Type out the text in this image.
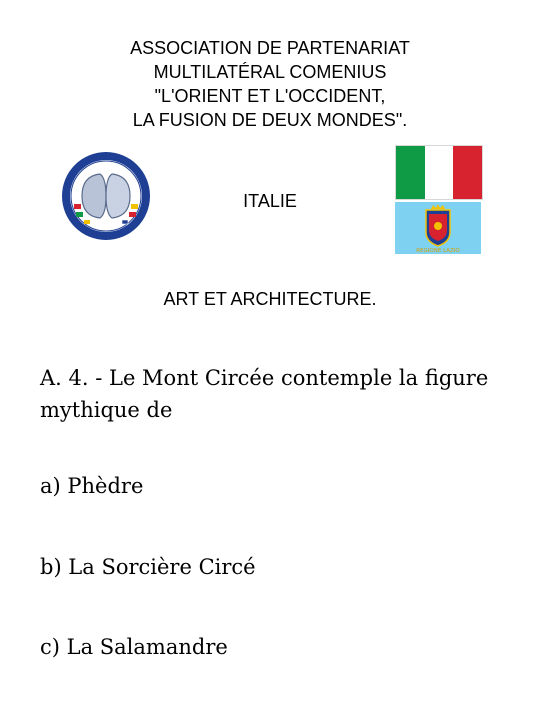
ASSOCIATION DE PARTENARIAT
MULTILATÉRAL COMENIUS
"L'ORIENT ET L'OCCIDENT,
LA FUSION DE DEUX MONDES".
ITALIE
REGIONE LAZIO
ART ET ARCHITECTURE.
A. 4. - Le Mont Circée contemple la figure mythique de
a) Phèdre
b) La Sorcière Circé
c) La Salamandre
